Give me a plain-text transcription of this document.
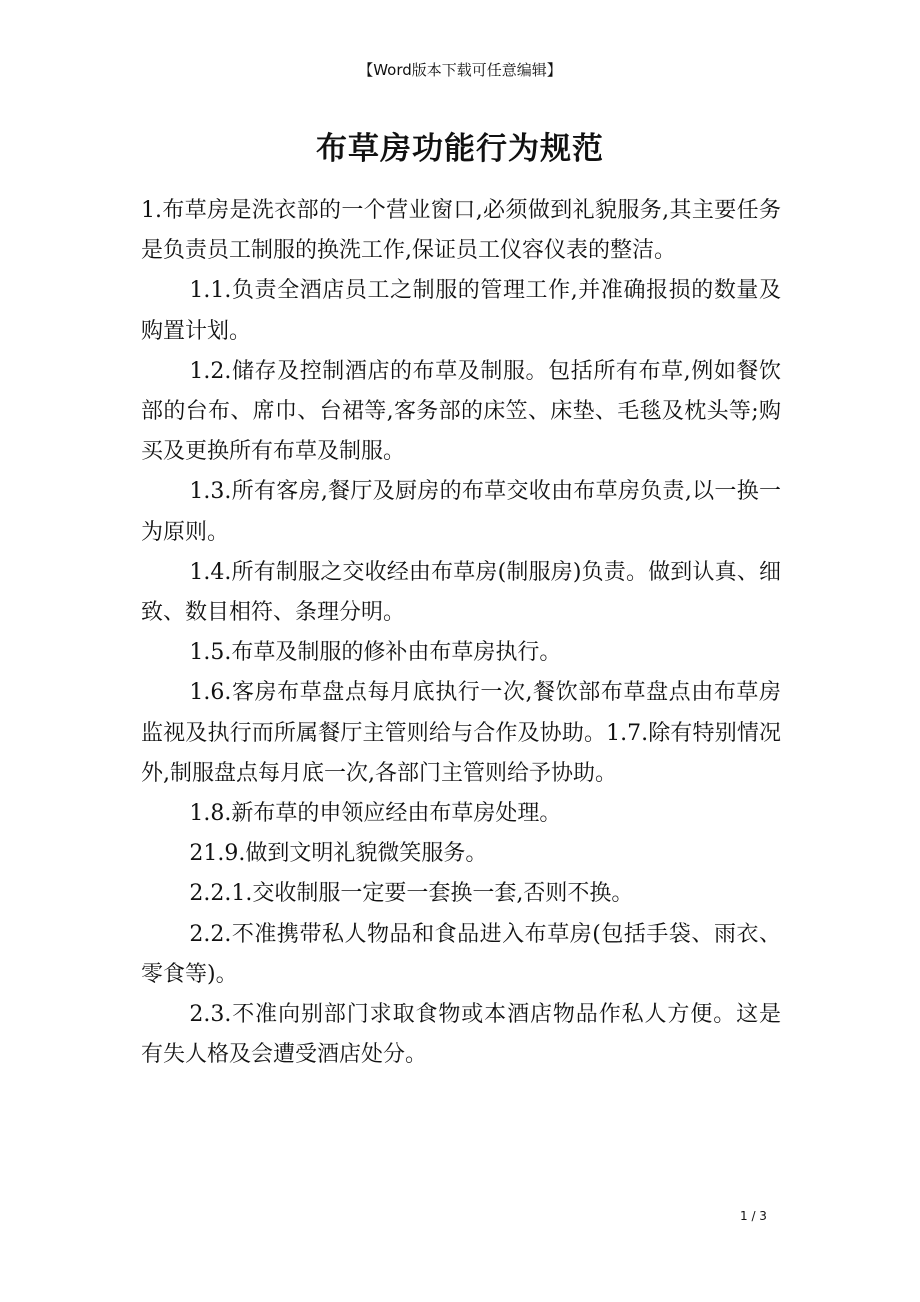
【Word版本下载可任意编辑】
布草房功能行为规范

1.布草房是洗衣部的一个营业窗口,必须做到礼貌服务,其主要任务是负责员工制服的换洗工作,保证员工仪容仪表的整洁。

1.1.负责全酒店员工之制服的管理工作,并准确报损的数量及购置计划。

1.2.储存及控制酒店的布草及制服。包括所有布草,例如餐饮部的台布、席巾、台裙等,客务部的床笠、床垫、毛毯及枕头等;购买及更换所有布草及制服。

1.3.所有客房,餐厅及厨房的布草交收由布草房负责,以一换一为原则。

1.4.所有制服之交收经由布草房(制服房)负责。做到认真、细致、数目相符、条理分明。

1.5.布草及制服的修补由布草房执行。

1.6.客房布草盘点每月底执行一次,餐饮部布草盘点由布草房监视及执行而所属餐厅主管则给与合作及协助。1.7.除有特别情况外,制服盘点每月底一次,各部门主管则给予协助。

1.8.新布草的申领应经由布草房处理。

21.9.做到文明礼貌微笑服务。

2.2.1.交收制服一定要一套换一套,否则不换。

2.2.不准携带私人物品和食品进入布草房(包括手袋、雨衣、零食等)。

2.3.不准向别部门求取食物或本酒店物品作私人方便。这是有失人格及会遭受酒店处分。

1 / 3
